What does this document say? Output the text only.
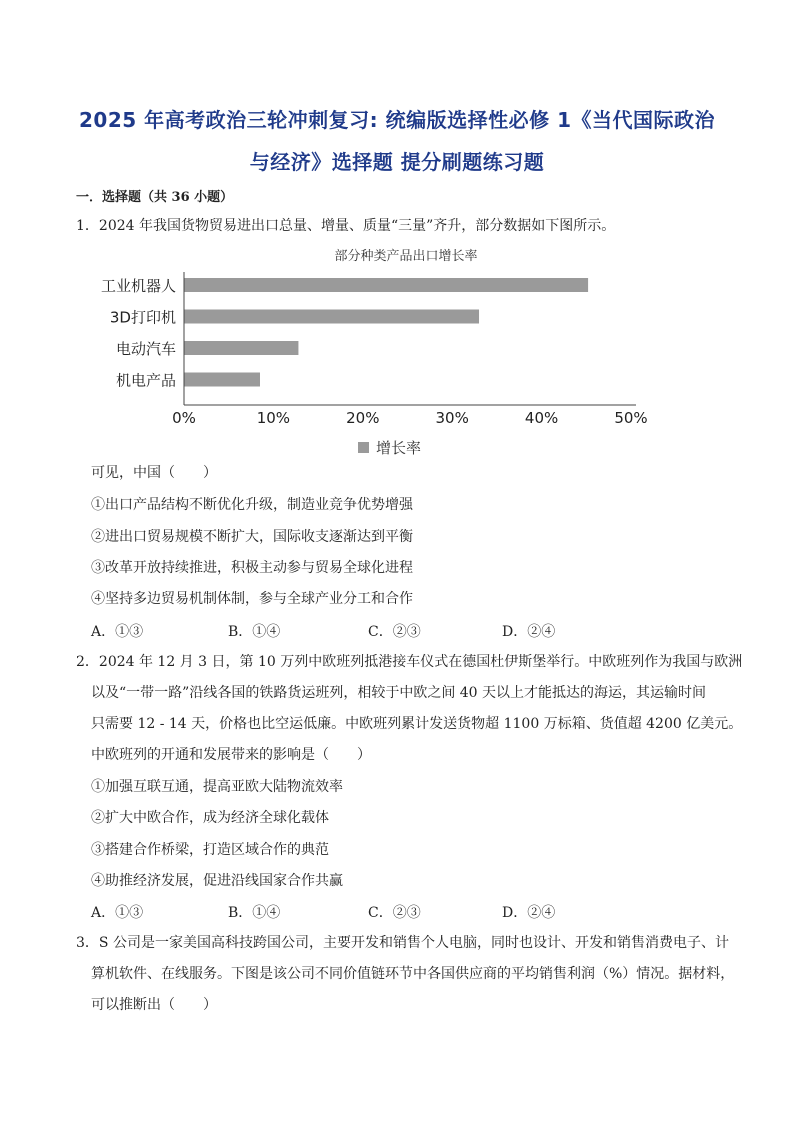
2025 年高考政治三轮冲刺复习: 统编版选择性必修 1《当代国际政治
与经济》选择题 提分刷题练习题
一．选择题（共 36 小题）
1．2024 年我国货物贸易进出口总量、增量、质量“三量”齐升，部分数据如下图所示。
部分种类产品出口增长率
工业机器人
3D打印机
电动汽车
机电产品
0%	10%	20%	30%	40%	50%
增长率
可见，中国（　　）
①出口产品结构不断优化升级，制造业竞争优势增强
②进出口贸易规模不断扩大，国际收支逐渐达到平衡
③改革开放持续推进，积极主动参与贸易全球化进程
④坚持多边贸易机制体制，参与全球产业分工和合作
A．①③	B．①④	C．②③	D．②④
2．2024 年 12 月 3 日，第 10 万列中欧班列抵港接车仪式在德国杜伊斯堡举行。中欧班列作为我国与欧洲
以及“一带一路”沿线各国的铁路货运班列，相较于中欧之间 40 天以上才能抵达的海运，其运输时间
只需要 12 - 14 天，价格也比空运低廉。中欧班列累计发送货物超 1100 万标箱、货值超 4200 亿美元。
中欧班列的开通和发展带来的影响是（　　）
①加强互联互通，提高亚欧大陆物流效率
②扩大中欧合作，成为经济全球化载体
③搭建合作桥梁，打造区域合作的典范
④助推经济发展，促进沿线国家合作共赢
A．①③	B．①④	C．②③	D．②④
3．S 公司是一家美国高科技跨国公司，主要开发和销售个人电脑，同时也设计、开发和销售消费电子、计
算机软件、在线服务。下图是该公司不同价值链环节中各国供应商的平均销售利润（%）情况。据材料，
可以推断出（　　）
